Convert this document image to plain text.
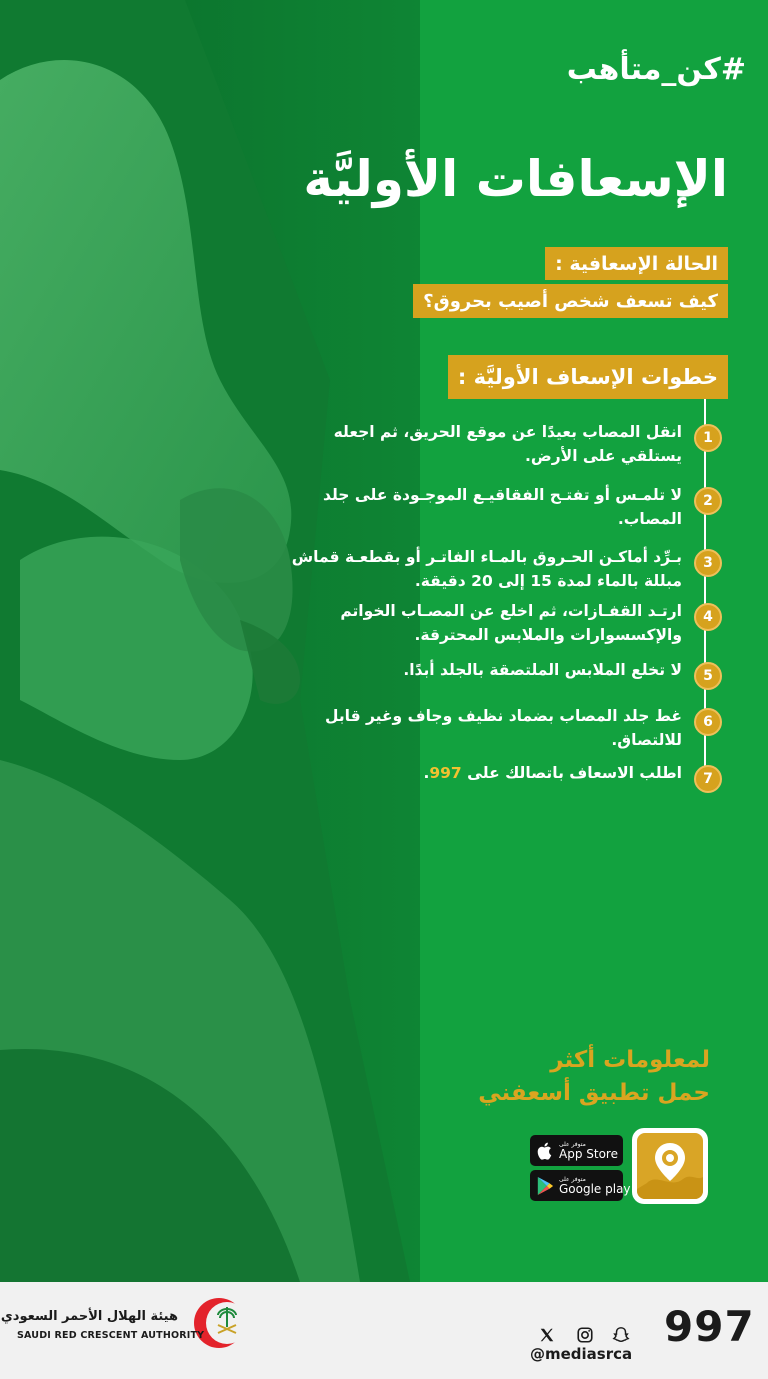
#كن_متأهب
الإسعافات الأوليَّة
الحالة الإسعافية :
كيف تسعف شخص أصيب بحروق؟
خطوات الإسعاف الأوليَّة :
1
انقل المصاب بعيدًا عن موقع الحريق، ثم اجعله يستلقي على الأرض.
2
لا تلمـس أو تفتـح الفقاقيـع الموجـودة على جلد المصاب.
3
بـرِّد أماكـن الحـروق بالمـاء الفاتـر أو بقطعـة قماش مبللة بالماء لمدة 15 إلى 20 دقيقة.
4
ارتـد القفـازات، ثم اخلع عن المصـاب الخواتم والإكسسوارات والملابس المحترقة.
5
لا تخلع الملابس الملتصقة بالجلد أبدًا.
6
غط جلد المصاب بضماد نظيف وجاف وغير قابل للالتصاق.
7
اطلب الاسعاف باتصالك على 997.
لمعلومات أكثر
حمل تطبيق أسعفني
متوفر على
App Store
متوفر على
Google play
997
@mediasrca
هيئة الهلال الأحمر السعودي
SAUDI RED CRESCENT AUTHORITY
